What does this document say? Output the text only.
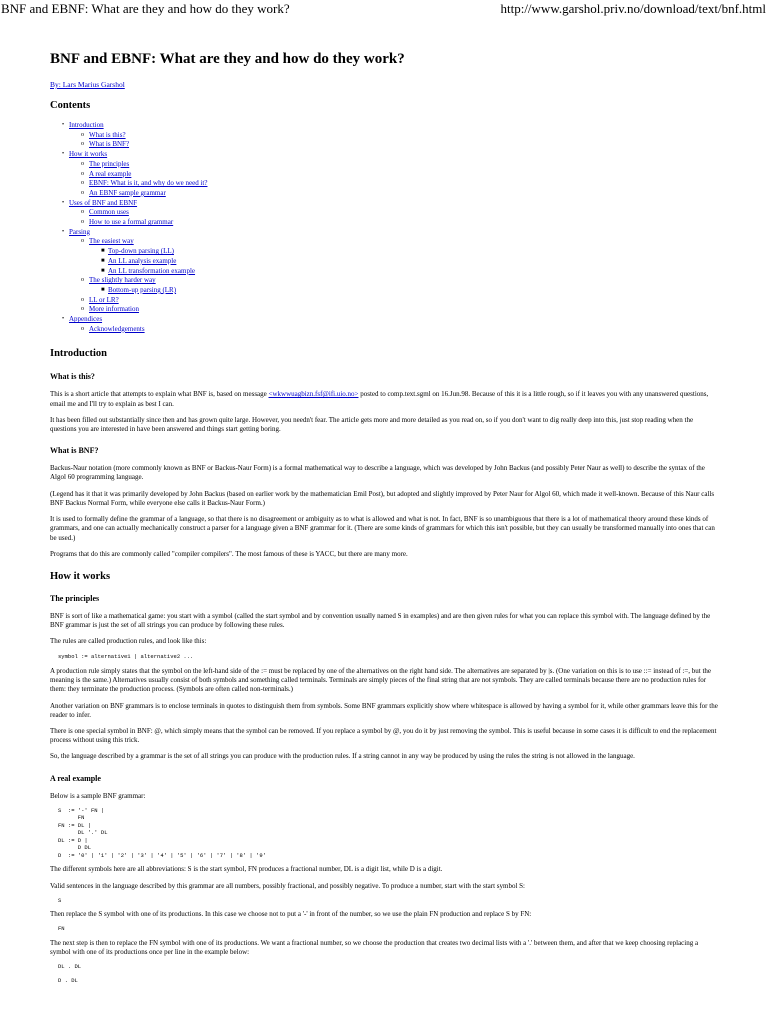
BNF and EBNF: What are they and how do they work?	http://www.garshol.priv.no/download/text/bnf.html
BNF and EBNF: What are they and how do they work?
By: Lars Marius Garshol
Contents
• Introduction
o What is this?
o What is BNF?
• How it works
o The principles
o A real example
o EBNF: What is it, and why do we need it?
o An EBNF sample grammar
• Uses of BNF and EBNF
o Common uses
o How to use a formal grammar
• Parsing
o The easiest way
■ Top-down parsing (LL)
■ An LL analysis example
■ An LL transformation example
o The slightly harder way
■ Bottom-up parsing (LR)
o LL or LR?
o More information
• Appendices
o Acknowledgements
Introduction
What is this?

This is a short article that attempts to explain what BNF is, based on message <wkwwuagbizn.fsf@ifi.uio.no> posted to comp.text.sgml on 16.Jun.98. Because of this it is a little rough, so if it leaves you with any unanswered questions, email me and I'll try to explain as best I can.

It has been filled out substantially since then and has grown quite large. However, you needn't fear. The article gets more and more detailed as you read on, so if you don't want to dig really deep into this, just stop reading when the questions you are interested in have been answered and things start getting boring.

What is BNF?

Backus-Naur notation (more commonly known as BNF or Backus-Naur Form) is a formal mathematical way to describe a language, which was developed by John Backus (and possibly Peter Naur as well) to describe the syntax of the Algol 60 programming language.

(Legend has it that it was primarily developed by John Backus (based on earlier work by the mathematician Emil Post), but adopted and slightly improved by Peter Naur for Algol 60, which made it well-known. Because of this Naur calls BNF Backus Normal Form, while everyone else calls it Backus-Naur Form.)

It is used to formally define the grammar of a language, so that there is no disagreement or ambiguity as to what is allowed and what is not. In fact, BNF is so unambiguous that there is a lot of mathematical theory around these kinds of grammars, and one can actually mechanically construct a parser for a language given a BNF grammar for it. (There are some kinds of grammars for which this isn't possible, but they can usually be transformed manually into ones that can be used.)

Programs that do this are commonly called "compiler compilers". The most famous of these is YACC, but there are many more.

How it works
The principles

BNF is sort of like a mathematical game: you start with a symbol (called the start symbol and by convention usually named S in examples) and are then given rules for what you can replace this symbol with. The language defined by the BNF grammar is just the set of all strings you can produce by following these rules.

The rules are called production rules, and look like this:

symbol := alternative1 | alternative2 ...

A production rule simply states that the symbol on the left-hand side of the := must be replaced by one of the alternatives on the right hand side. The alternatives are separated by |s. (One variation on this is to use ::= instead of :=, but the meaning is the same.) Alternatives usually consist of both symbols and something called terminals. Terminals are simply pieces of the final string that are not symbols. They are called terminals because there are no production rules for them: they terminate the production process. (Symbols are often called non-terminals.)

Another variation on BNF grammars is to enclose terminals in quotes to distinguish them from symbols. Some BNF grammars explicitly show where whitespace is allowed by having a symbol for it, while other grammars leave this for the reader to infer.

There is one special symbol in BNF: @, which simply means that the symbol can be removed. If you replace a symbol by @, you do it by just removing the symbol. This is useful because in some cases it is difficult to end the replacement process without using this trick.

So, the language described by a grammar is the set of all strings you can produce with the production rules. If a string cannot in any way be produced by using the rules the string is not allowed in the language.

A real example

Below is a sample BNF grammar:

S  := '-' FN |
FN
FN := DL |
DL '.' DL
DL := D |
D DL
D  := '0' | '1' | '2' | '3' | '4' | '5' | '6' | '7' | '8' | '9'

The different symbols here are all abbreviations: S is the start symbol, FN produces a fractional number, DL is a digit list, while D is a digit.

Valid sentences in the language described by this grammar are all numbers, possibly fractional, and possibly negative. To produce a number, start with the start symbol S:

S

Then replace the S symbol with one of its productions. In this case we choose not to put a '-' in front of the number, so we use the plain FN production and replace S by FN:

FN

The next step is then to replace the FN symbol with one of its productions. We want a fractional number, so we choose the production that creates two decimal lists with a '.' between them, and after that we keep choosing replacing a symbol with one of its productions once per line in the example below:

DL . DL
D . DL
